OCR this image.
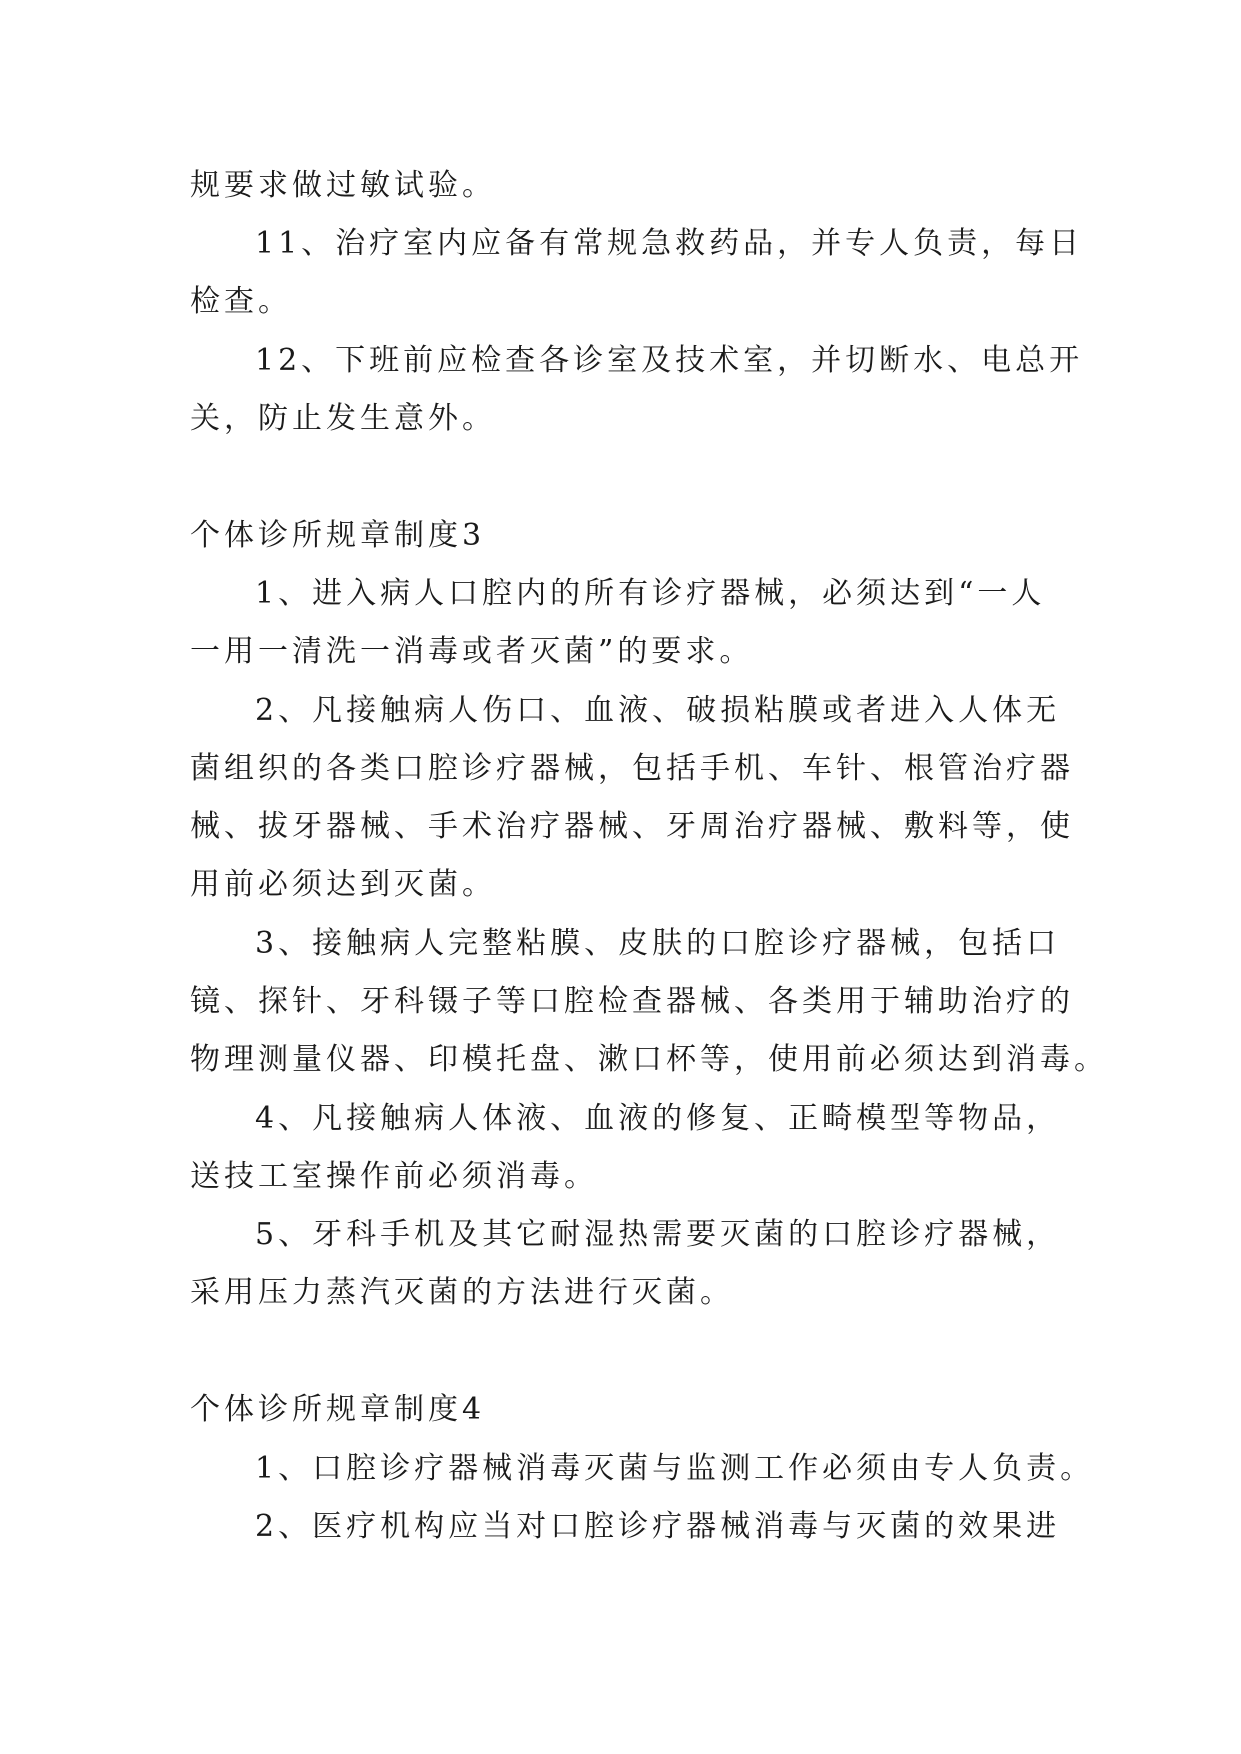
规要求做过敏试验。
11、治疗室内应备有常规急救药品，并专人负责，每日
检查。
12、下班前应检查各诊室及技术室，并切断水、电总开
关，防止发生意外。
个体诊所规章制度3
1、进入病人口腔内的所有诊疗器械，必须达到“一人
一用一清洗一消毒或者灭菌”的要求。
2、凡接触病人伤口、血液、破损粘膜或者进入人体无
菌组织的各类口腔诊疗器械，包括手机、车针、根管治疗器
械、拔牙器械、手术治疗器械、牙周治疗器械、敷料等，使
用前必须达到灭菌。
3、接触病人完整粘膜、皮肤的口腔诊疗器械，包括口
镜、探针、牙科镊子等口腔检查器械、各类用于辅助治疗的
物理测量仪器、印模托盘、漱口杯等，使用前必须达到消毒。
4、凡接触病人体液、血液的修复、正畸模型等物品，
送技工室操作前必须消毒。
5、牙科手机及其它耐湿热需要灭菌的口腔诊疗器械，
采用压力蒸汽灭菌的方法进行灭菌。
个体诊所规章制度4
1、口腔诊疗器械消毒灭菌与监测工作必须由专人负责。
2、医疗机构应当对口腔诊疗器械消毒与灭菌的效果进
